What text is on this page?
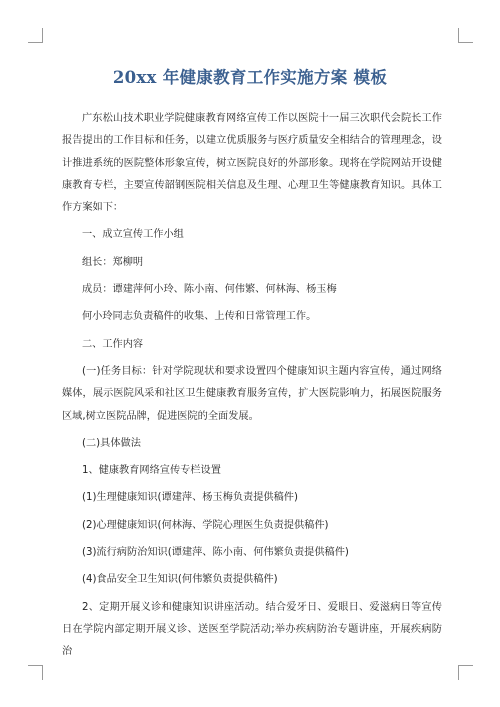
20xx 年健康教育工作实施方案 模板

广东松山技术职业学院健康教育网络宣传工作以医院十一届三次职代会院长工作报告提出的工作目标和任务，以建立优质服务与医疗质量安全相结合的管理理念，设计推进系统的医院整体形象宣传，树立医院良好的外部形象。现将在学院网站开设健康教育专栏，主要宣传韶钢医院相关信息及生理、心理卫生等健康教育知识。具体工作方案如下：

一、成立宣传工作小组

组长：郑柳明

成员：谭建萍何小玲、陈小南、何伟繁、何林海、杨玉梅

何小玲同志负责稿件的收集、上传和日常管理工作。

二、工作内容

(一)任务目标：针对学院现状和要求设置四个健康知识主题内容宣传，通过网络媒体，展示医院风采和社区卫生健康教育服务宣传，扩大医院影响力，拓展医院服务区域,树立医院品牌，促进医院的全面发展。

(二)具体做法

1、健康教育网络宣传专栏设置

(1)生理健康知识(谭建萍、杨玉梅负责提供稿件)

(2)心理健康知识(何林海、学院心理医生负责提供稿件)

(3)流行病防治知识(谭建萍、陈小南、何伟繁负责提供稿件)

(4)食品安全卫生知识(何伟繁负责提供稿件)

2、定期开展义诊和健康知识讲座活动。结合爱牙日、爱眼日、爱滋病日等宣传日在学院内部定期开展义诊、送医至学院活动;举办疾病防治专题讲座，开展疾病防治
